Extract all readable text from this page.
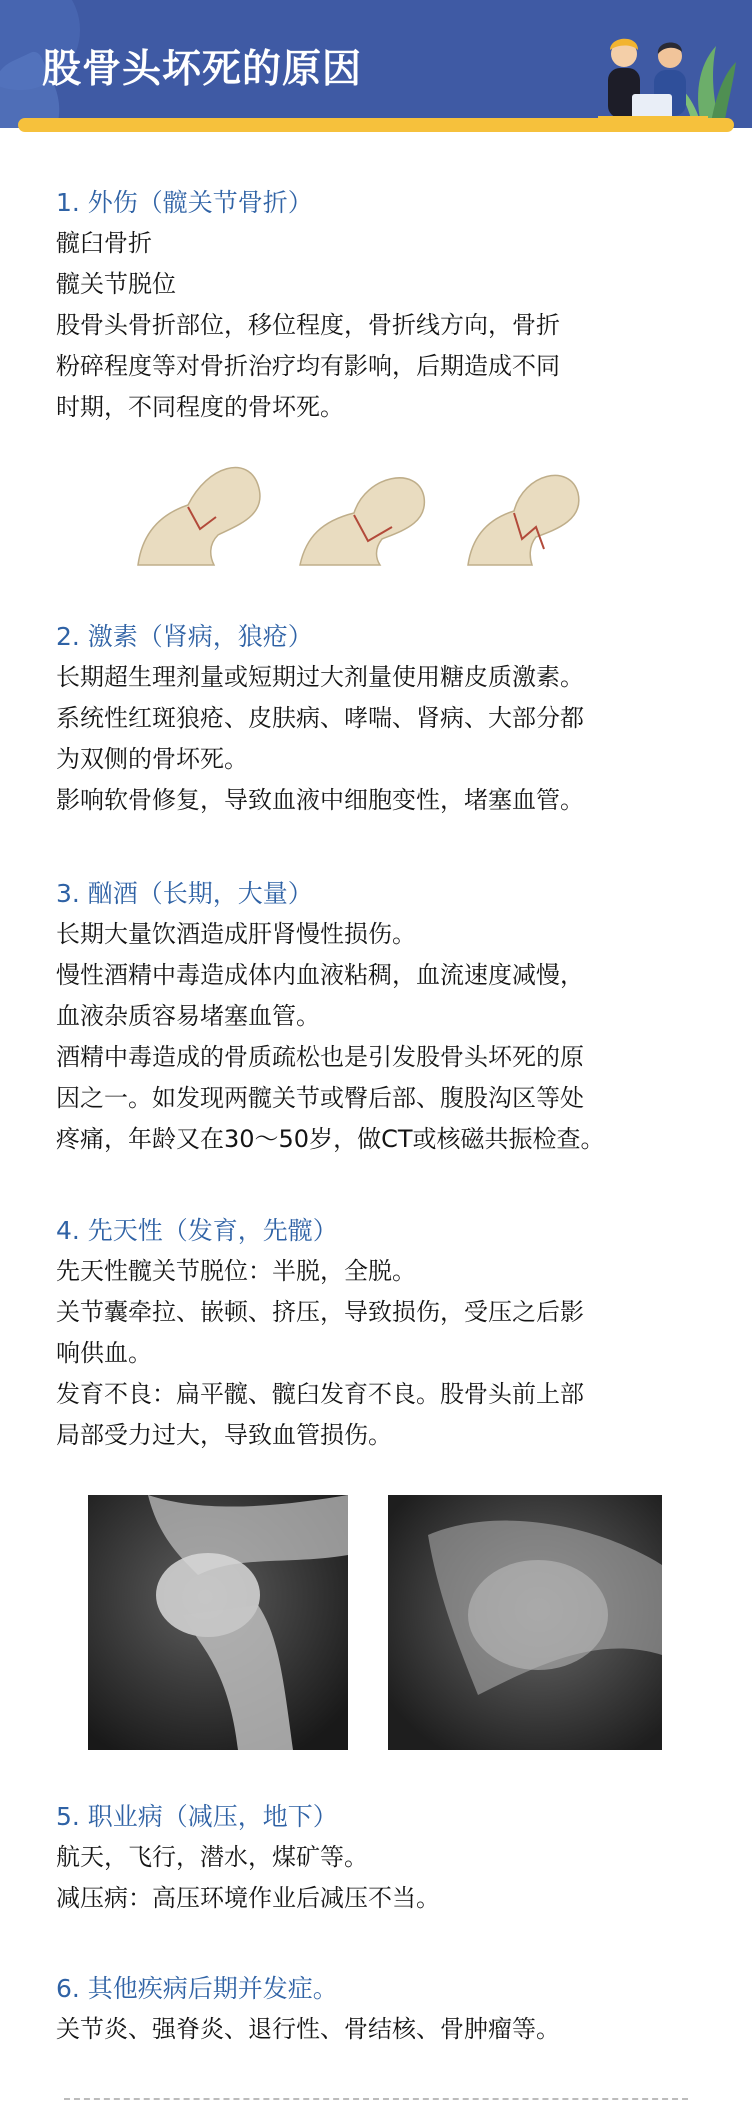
股骨头坏死的原因
1. 外伤（髋关节骨折）
髋臼骨折
髋关节脱位
股骨头骨折部位，移位程度，骨折线方向，骨折
粉碎程度等对骨折治疗均有影响，后期造成不同
时期，不同程度的骨坏死。
2. 激素（肾病，狼疮）
长期超生理剂量或短期过大剂量使用糖皮质激素。
系统性红斑狼疮、皮肤病、哮喘、肾病、大部分都
为双侧的骨坏死。
影响软骨修复，导致血液中细胞变性，堵塞血管。
3. 酗酒（长期，大量）
长期大量饮酒造成肝肾慢性损伤。
慢性酒精中毒造成体内血液粘稠，血流速度减慢，
血液杂质容易堵塞血管。
酒精中毒造成的骨质疏松也是引发股骨头坏死的原
因之一。如发现两髋关节或臀后部、腹股沟区等处
疼痛，年龄又在30～50岁，做CT或核磁共振检查。
4. 先天性（发育，先髋）
先天性髋关节脱位：半脱，全脱。
关节囊牵拉、嵌顿、挤压，导致损伤，受压之后影
响供血。
发育不良：扁平髋、髋臼发育不良。股骨头前上部
局部受力过大，导致血管损伤。
5. 职业病（减压，地下）
航天，飞行，潜水，煤矿等。
减压病：高压环境作业后减压不当。
6. 其他疾病后期并发症。
关节炎、强脊炎、退行性、骨结核、骨肿瘤等。
